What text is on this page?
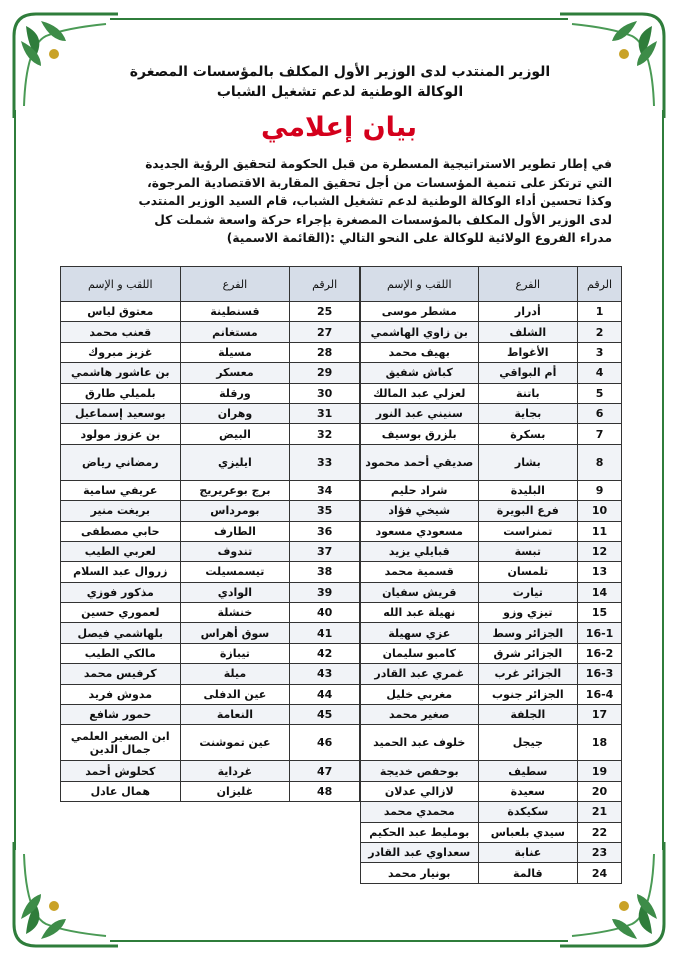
الوزير المنتدب لدى الوزير الأول المكلف بالمؤسسات المصغرة
الوكالة الوطنية لدعم تشغيل الشباب
بيان إعلامي
في إطار تطوير الاستراتيجية المسطرة من قبل الحكومة لتحقيق الرؤية الجديدة
التي ترتكز على تنمية المؤسسات من أجل تحقيق المقاربة الاقتصادية المرجوة،
وكذا تحسين أداء الوكالة الوطنية لدعم تشغيل الشباب، قام السيد الوزير المنتدب
لدى الوزير الأول المكلف بالمؤسسات المصغرة بإجراء حركة واسعة شملت كل
مدراء الفروع الولائية للوكالة على النحو التالي :(القائمة الاسمية)
الرقم	الفرع	اللقب و الإسم
1	أدرار	مشطر موسى
2	الشلف	بن زاوي الهاشمي
3	الأغواط	بهيف محمد
4	أم البواقي	كباش شفيق
5	باتنة	لعزلي عبد المالك
6	بجاية	سنيني عبد النور
7	بسكرة	بلزرق بوسيف
8	بشار	صديقي أحمد محمود
9	البليدة	شراد حليم
10	فرع البويرة	شيخي فؤاد
11	تمنراست	مسعودي مسعود
12	تبسة	قبايلي يزيد
13	تلمسان	قسمية محمد
14	تيارت	قريش سفيان
15	تيزي وزو	نهيلة عبد الله
16-1	الجزائر وسط	عزي سهيلة
16-2	الجزائر شرق	كامبو سليمان
16-3	الجزائر غرب	غمري عبد القادر
16-4	الجزائر جنوب	مغربي خليل
17	الجلفة	صغير محمد
18	جيجل	خلوف عبد الحميد
19	سطيف	بوحفص خديجة
20	سعيدة	لازالي عدلان
21	سكيكدة	محمدي محمد
22	سيدي بلعباس	بومليط عبد الحكيم
23	عنابة	سعداوي عبد القادر
24	قالمة	بونيار محمد
الرقم	الفرع	اللقب و الإسم
25	قسنطينة	معتوق لياس
27	مستغانم	قعنب محمد
28	مسيلة	غزيز مبروك
29	معسكر	بن عاشور هاشمي
30	ورقلة	بلميلي طارق
31	وهران	بوسعيد إسماعيل
32	البيض	بن عزوز مولود
33	ايليزي	رمضاني رياض
34	برج بوعريريج	عريفي سامية
35	بومرداس	بريغت منير
36	الطارف	حابي مصطفى
37	تندوف	لعربي الطيب
38	تيسمسيلت	زروال عبد السلام
39	الوادي	مذكور فوزي
40	خنشلة	لعموري حسين
41	سوق أهراس	بلهاشمي فيصل
42	تيبازة	مالكي الطيب
43	ميلة	كرفيس محمد
44	عين الدفلى	مدوش فريد
45	النعامة	حمور شافع
46	عين تموشنت	ابن الصغير العلمي جمال الدين
47	غرداية	كحلوش أحمد
48	غليزان	همال عادل
